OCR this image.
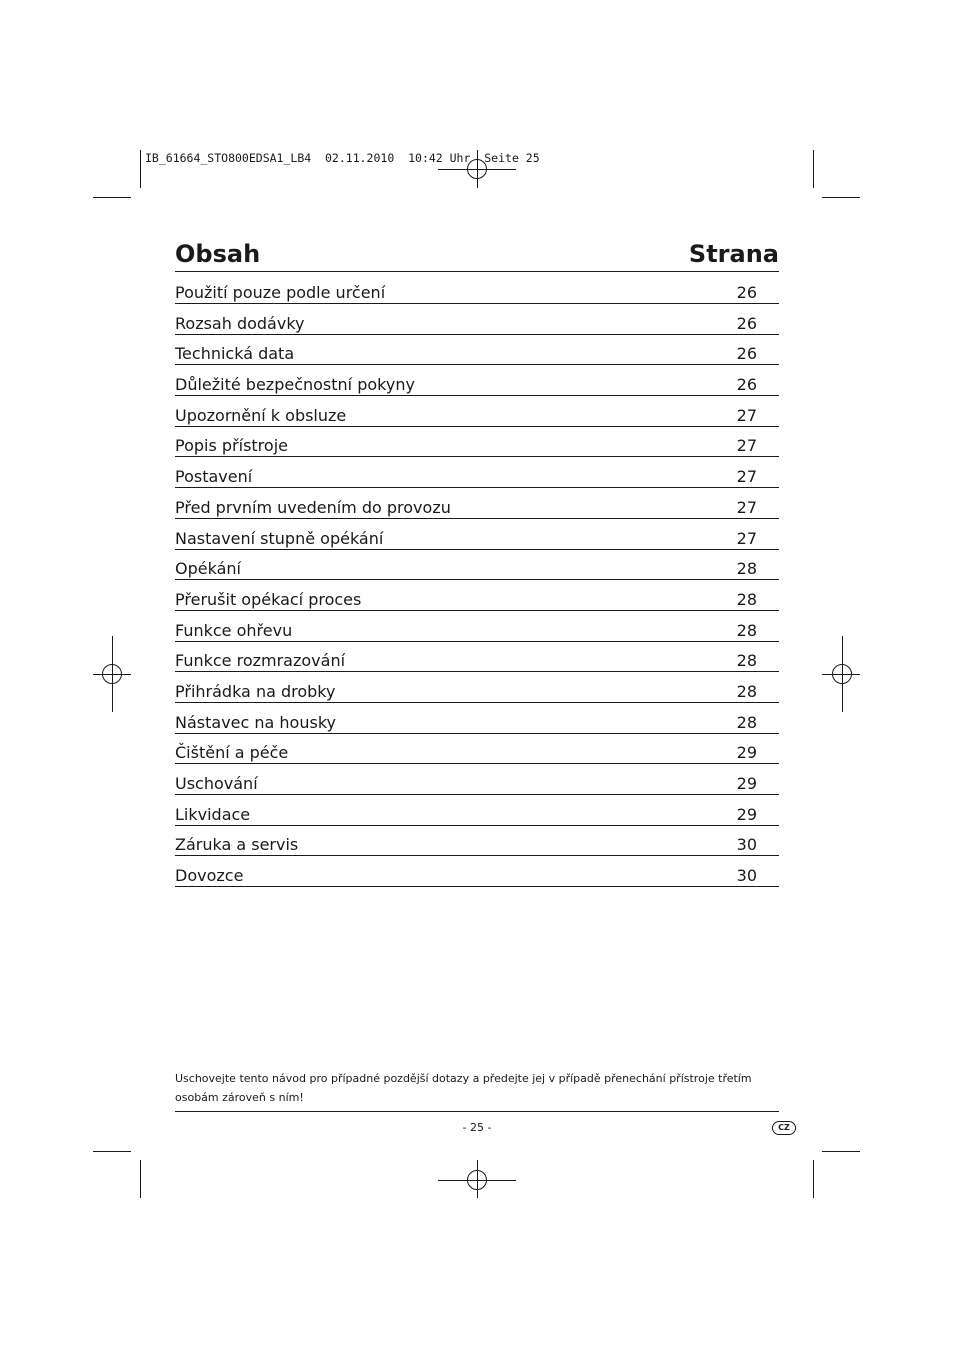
IB_61664_STO800EDSA1_LB4  02.11.2010  10:42 Uhr  Seite 25
Obsah	Strana
Použití pouze podle určení	26
Rozsah dodávky	26
Technická data	26
Důležité bezpečnostní pokyny	26
Upozornění k obsluze	27
Popis přístroje	27
Postavení	27
Před prvním uvedením do provozu	27
Nastavení stupně opékání	27
Opékání	28
Přerušit opékací proces	28
Funkce ohřevu	28
Funkce rozmrazování	28
Přihrádka na drobky	28
Nástavec na housky	28
Čištění a péče	29
Uschování	29
Likvidace	29
Záruka a servis	30
Dovozce	30
Uschovejte tento návod pro případné pozdější dotazy a předejte jej v případě přenechání přístroje třetím osobám zároveň s ním!
- 25 -	CZ
